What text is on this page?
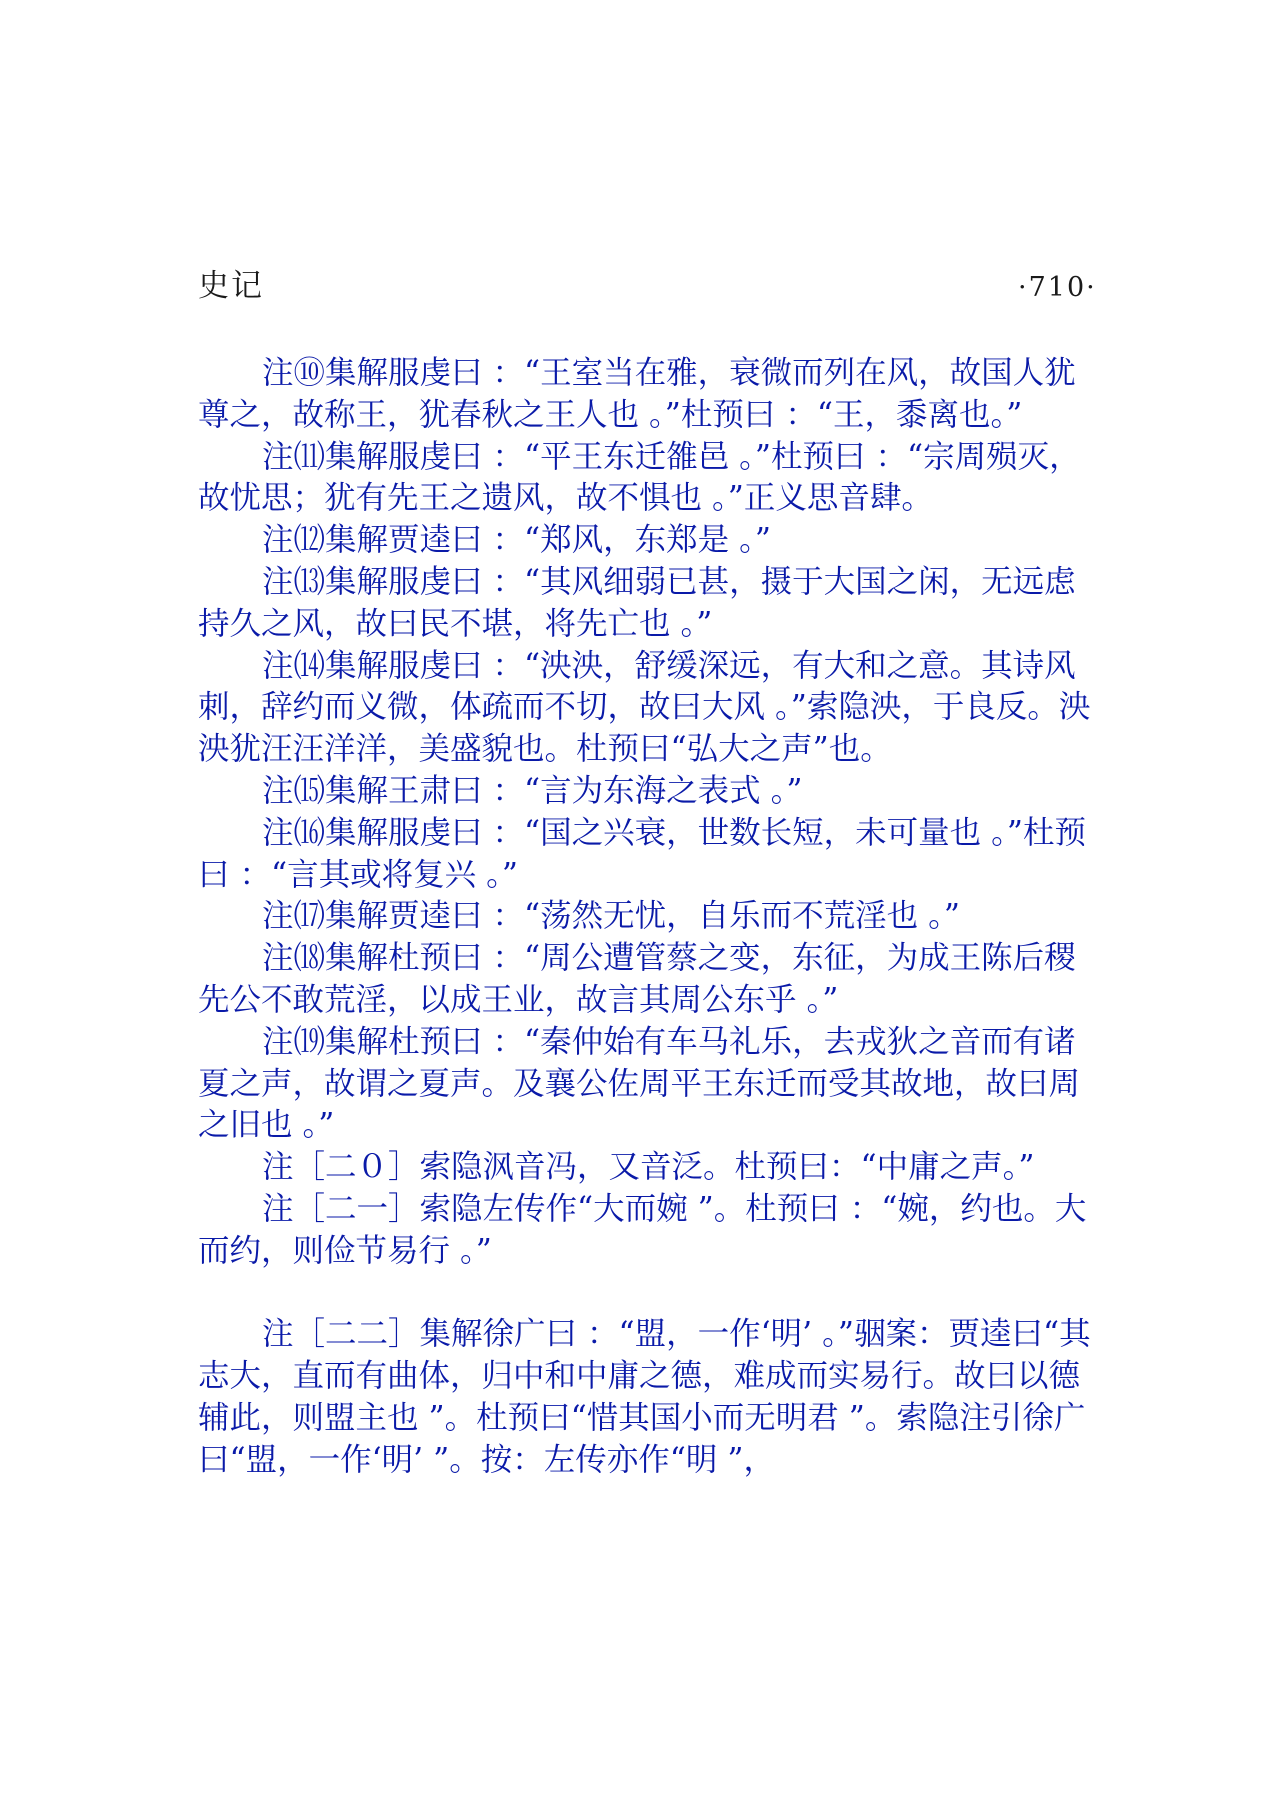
史记	·710·

注⑩集解服虔曰 ：“王室当在雅，衰微而列在风，故国人犹尊之，故称王，犹春秋之王人也 。”杜预曰 ：“王，黍离也。”

注⑾集解服虔曰 ：“平王东迁雒邑 。”杜预曰 ：“宗周殒灭，故忧思；犹有先王之遗风，故不惧也 。”正义思音肆。

注⑿集解贾逵曰 ：“郑风，东郑是 。”

注⒀集解服虔曰 ：“其风细弱已甚，摄于大国之闲，无远虑持久之风，故曰民不堪，将先亡也 。”

注⒁集解服虔曰 ：“泱泱，舒缓深远，有大和之意。其诗风刺，辞约而义微，体疏而不切，故曰大风 。”索隐泱，于良反。泱泱犹汪汪洋洋，美盛貌也。杜预曰“弘大之声”也。

注⒂集解王肃曰 ：“言为东海之表式 。”

注⒃集解服虔曰 ：“国之兴衰，世数长短，未可量也 。”杜预曰 ：“言其或将复兴 。”

注⒄集解贾逵曰 ：“荡然无忧，自乐而不荒淫也 。”

注⒅集解杜预曰 ：“周公遭管蔡之变，东征，为成王陈后稷先公不敢荒淫，以成王业，故言其周公东乎 。”

注⒆集解杜预曰 ：“秦仲始有车马礼乐，去戎狄之音而有诸夏之声，故谓之夏声。及襄公佐周平王东迁而受其故地，故曰周之旧也 。”

注［二０］索隐沨音冯，又音泛。杜预曰：“中庸之声。”

注［二一］索隐左传作“大而婉 ”。杜预曰 ：“婉，约也。大而约，则俭节易行 。”

注［二二］集解徐广曰 ：“盟，一作‘明’ 。”骃案：贾逵曰“其志大，直而有曲体，归中和中庸之德，难成而实易行。故曰以德辅此，则盟主也 ”。杜预曰“惜其国小而无明君 ”。索隐注引徐广曰“盟，一作‘明’ ”。按：左传亦作“明 ”，
